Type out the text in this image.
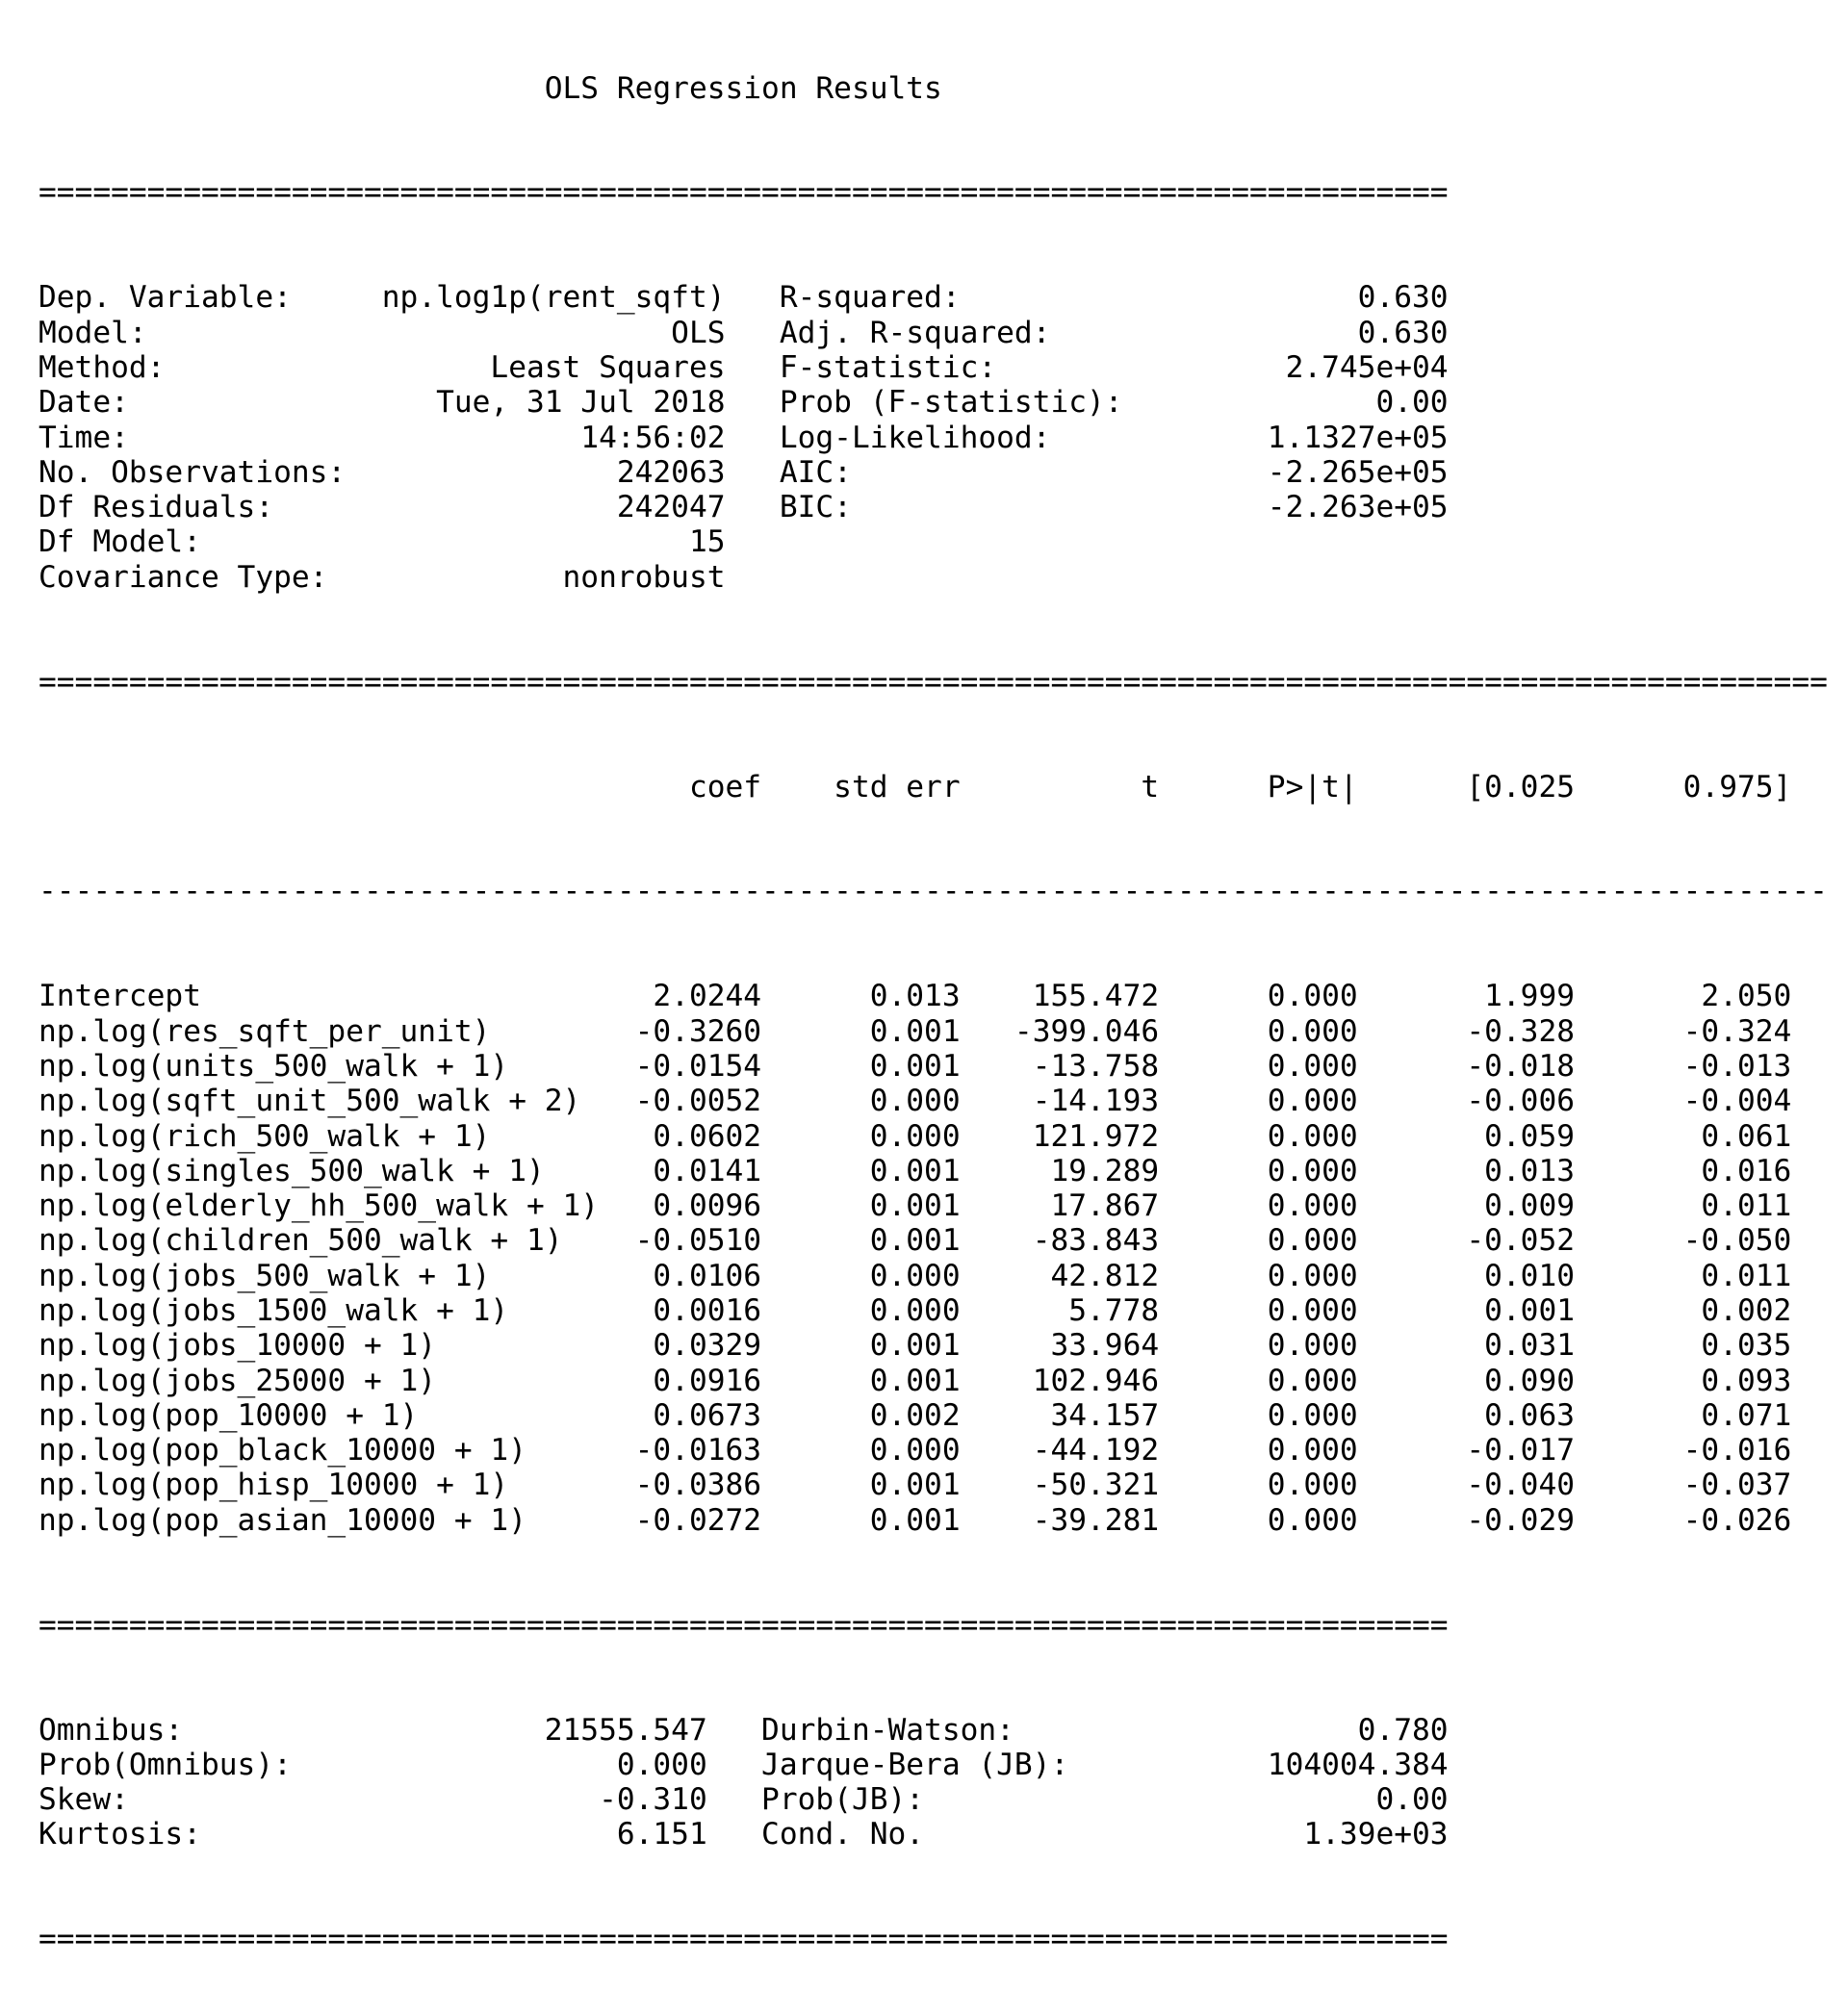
OLS Regression Results

==============================================================================

Dep. Variable:     np.log1p(rent_sqft)   R-squared:                      0.630
Model:                             OLS   Adj. R-squared:                 0.630
Method:                  Least Squares   F-statistic:                2.745e+04
Date:                 Tue, 31 Jul 2018   Prob (F-statistic):              0.00
Time:                         14:56:02   Log-Likelihood:            1.1327e+05
No. Observations:               242063   AIC:                       -2.265e+05
Df Residuals:                   242047   BIC:                       -2.263e+05
Df Model:                           15
Covariance Type:             nonrobust

===================================================================================================

coef    std err          t      P>|t|      [0.025      0.975]

---------------------------------------------------------------------------------------------------

Intercept                         2.0244      0.013    155.472      0.000       1.999       2.050
np.log(res_sqft_per_unit)        -0.3260      0.001   -399.046      0.000      -0.328      -0.324
np.log(units_500_walk + 1)       -0.0154      0.001    -13.758      0.000      -0.018      -0.013
np.log(sqft_unit_500_walk + 2)   -0.0052      0.000    -14.193      0.000      -0.006      -0.004
np.log(rich_500_walk + 1)         0.0602      0.000    121.972      0.000       0.059       0.061
np.log(singles_500_walk + 1)      0.0141      0.001     19.289      0.000       0.013       0.016
np.log(elderly_hh_500_walk + 1)   0.0096      0.001     17.867      0.000       0.009       0.011
np.log(children_500_walk + 1)    -0.0510      0.001    -83.843      0.000      -0.052      -0.050
np.log(jobs_500_walk + 1)         0.0106      0.000     42.812      0.000       0.010       0.011
np.log(jobs_1500_walk + 1)        0.0016      0.000      5.778      0.000       0.001       0.002
np.log(jobs_10000 + 1)            0.0329      0.001     33.964      0.000       0.031       0.035
np.log(jobs_25000 + 1)            0.0916      0.001    102.946      0.000       0.090       0.093
np.log(pop_10000 + 1)             0.0673      0.002     34.157      0.000       0.063       0.071
np.log(pop_black_10000 + 1)      -0.0163      0.000    -44.192      0.000      -0.017      -0.016
np.log(pop_hisp_10000 + 1)       -0.0386      0.001    -50.321      0.000      -0.040      -0.037
np.log(pop_asian_10000 + 1)      -0.0272      0.001    -39.281      0.000      -0.029      -0.026

==============================================================================

Omnibus:                    21555.547   Durbin-Watson:                   0.780
Prob(Omnibus):                  0.000   Jarque-Bera (JB):           104004.384
Skew:                          -0.310   Prob(JB):                         0.00
Kurtosis:                       6.151   Cond. No.                     1.39e+03

==============================================================================
